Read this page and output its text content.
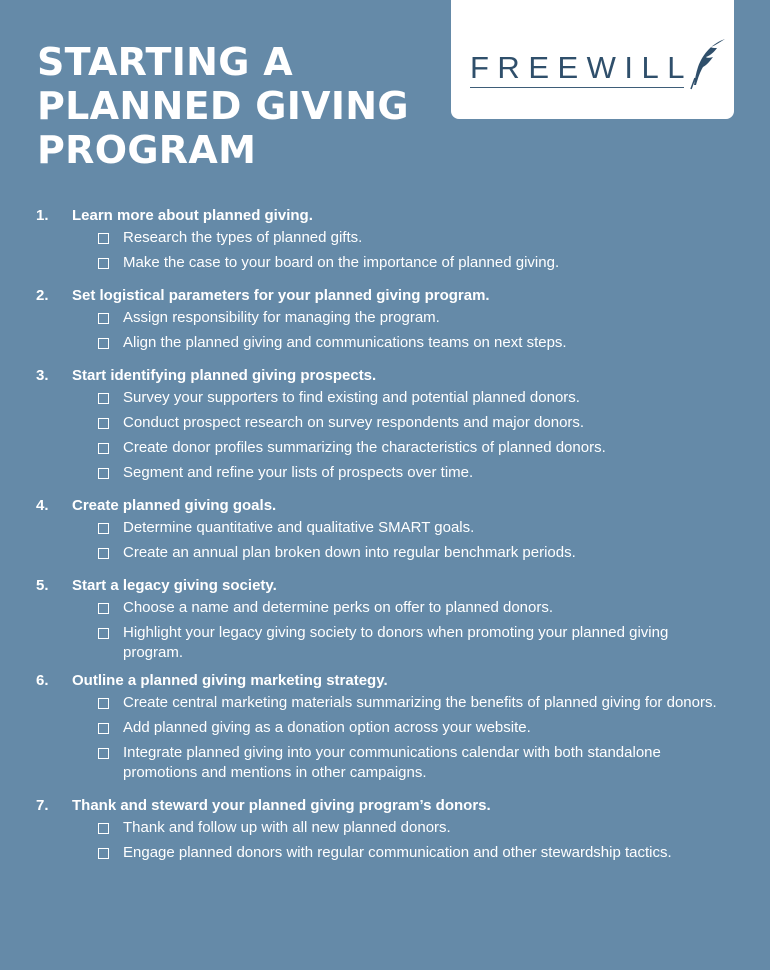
STARTING A
PLANNED GIVING
PROGRAM
FREEWILL
1. Learn more about planned giving.
Research the types of planned gifts.
Make the case to your board on the importance of planned giving.
2. Set logistical parameters for your planned giving program.
Assign responsibility for managing the program.
Align the planned giving and communications teams on next steps.
3. Start identifying planned giving prospects.
Survey your supporters to find existing and potential planned donors.
Conduct prospect research on survey respondents and major donors.
Create donor profiles summarizing the characteristics of planned donors.
Segment and refine your lists of prospects over time.
4. Create planned giving goals.
Determine quantitative and qualitative SMART goals.
Create an annual plan broken down into regular benchmark periods.
5. Start a legacy giving society.
Choose a name and determine perks on offer to planned donors.
Highlight your legacy giving society to donors when promoting your planned giving program.
6. Outline a planned giving marketing strategy.
Create central marketing materials summarizing the benefits of planned giving for donors.
Add planned giving as a donation option across your website.
Integrate planned giving into your communications calendar with both standalone promotions and mentions in other campaigns.
7. Thank and steward your planned giving program’s donors.
Thank and follow up with all new planned donors.
Engage planned donors with regular communication and other stewardship tactics.
